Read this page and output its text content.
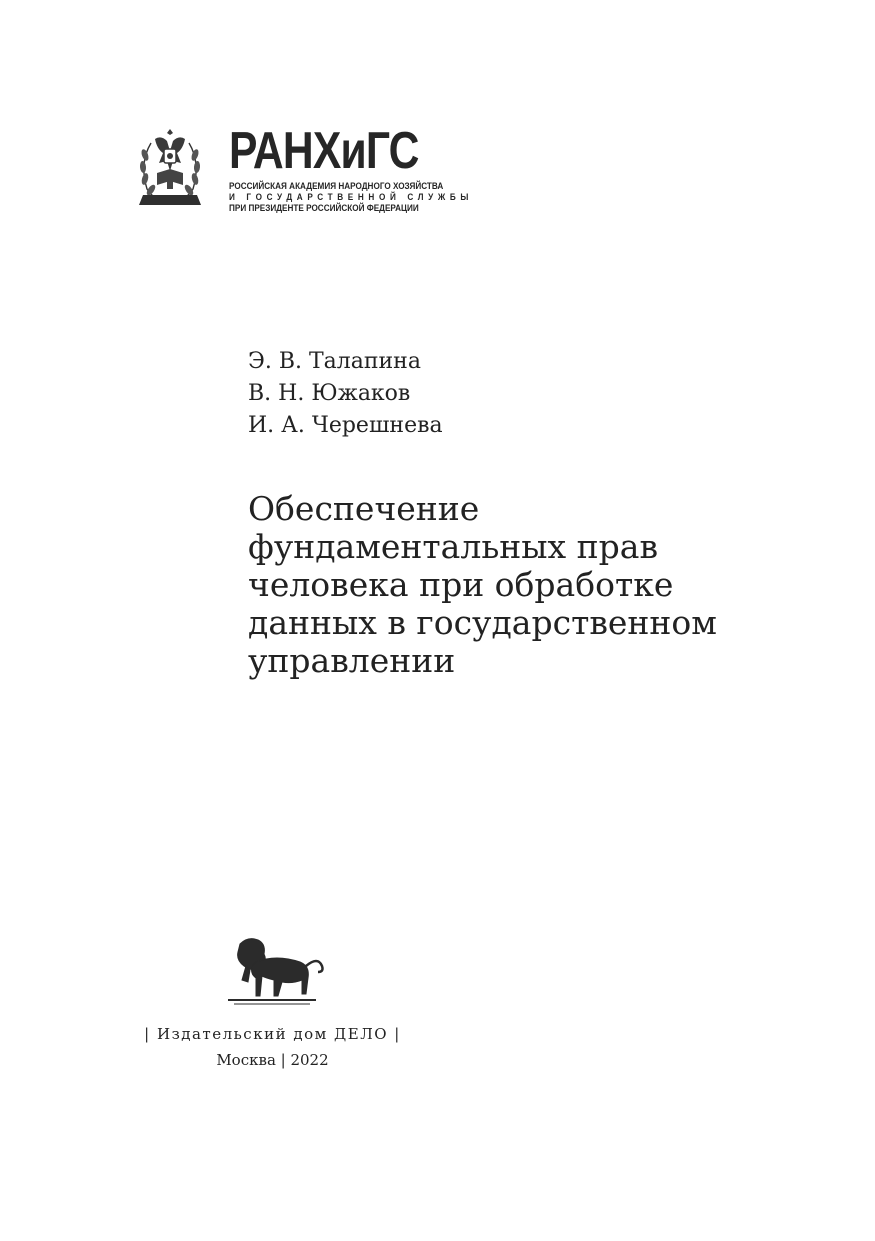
РАНХиГС
РОССИЙСКАЯ АКАДЕМИЯ НАРОДНОГО ХОЗЯЙСТВА
И ГОСУДАРСТВЕННОЙ СЛУЖБЫ
ПРИ ПРЕЗИДЕНТЕ РОССИЙСКОЙ ФЕДЕРАЦИИ
Э. В. Талапина
В. Н. Южаков
И. А. Черешнева
Обеспечение
фундаментальных прав
человека при обработке
данных в государственном
управлении
| Издательский дом ДЕЛО |
Москва | 2022
